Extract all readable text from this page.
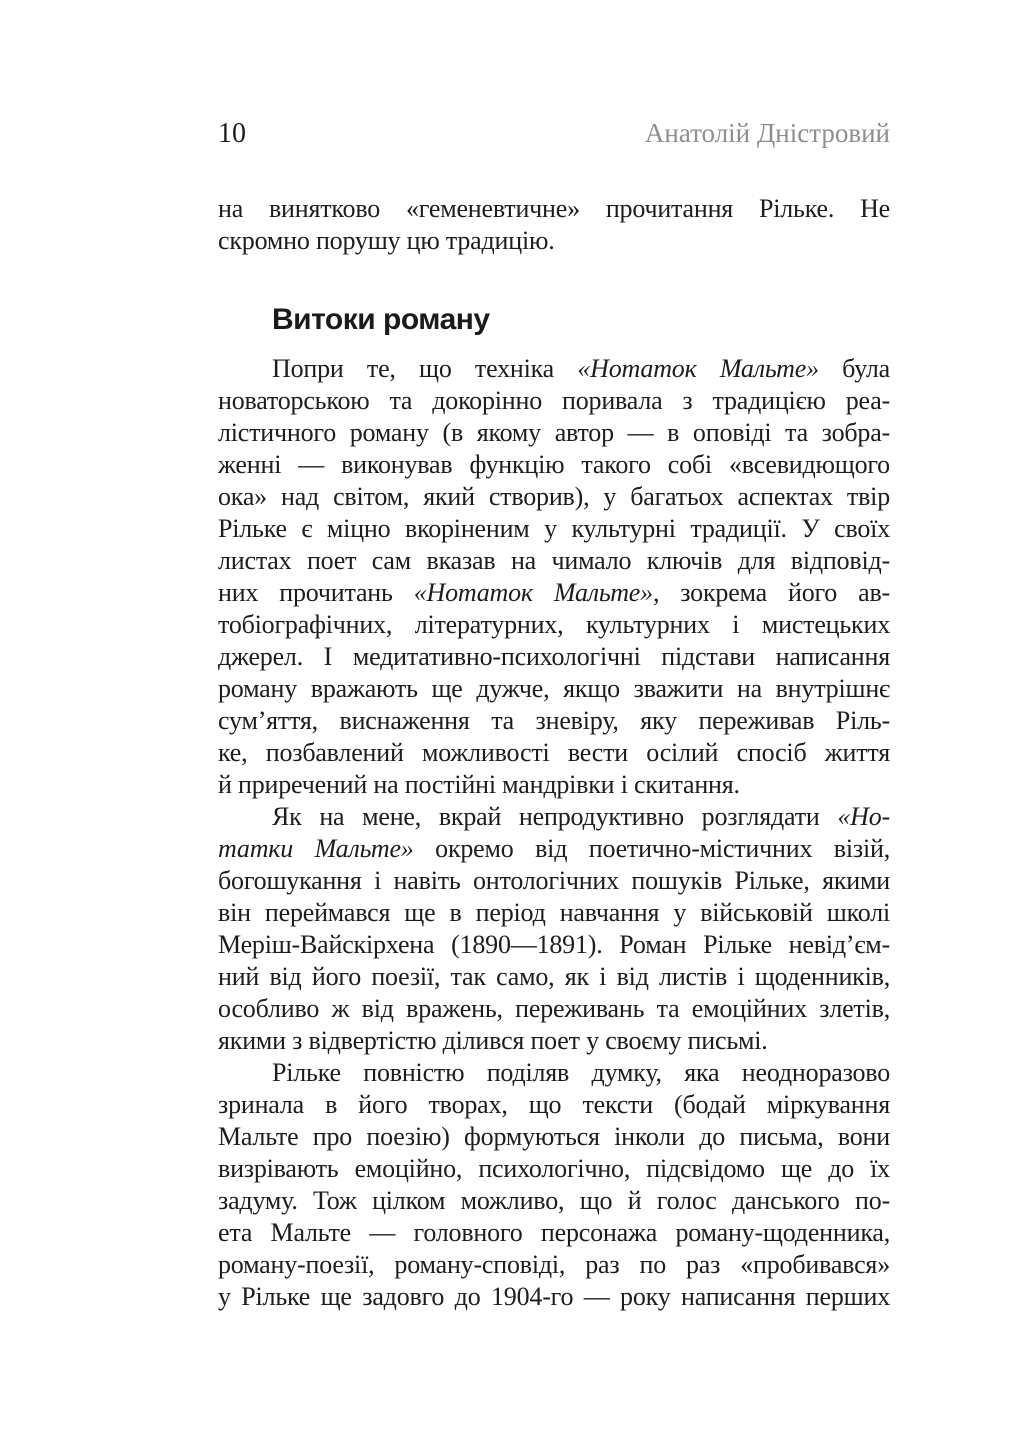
10	Анатолій Дністровий
на винятково «геменевтичне» прочитання Рільке. Не
скромно порушу цю традицію.
Витоки роману
Попри те, що техніка «Нотаток Мальте» була
новаторською та докорінно поривала з традицією реа-
лістичного роману (в якому автор — в оповіді та зобра-
женні — виконував функцію такого собі «всевидющого
ока» над світом, який створив), у багатьох аспектах твір
Рільке є міцно вкоріненим у культурні традиції. У своїх
листах поет сам вказав на чимало ключів для відповід-
них прочитань «Нотаток Мальте», зокрема його ав-
тобіографічних, літературних, культурних і мистецьких
джерел. І медитативно-психологічні підстави написання
роману вражають ще дужче, якщо зважити на внутрішнє
сум’яття, виснаження та зневіру, яку переживав Ріль-
ке, позбавлений можливості вести осілий спосіб життя
й приречений на постійні мандрівки і скитання.
Як на мене, вкрай непродуктивно розглядати «Но-
татки Мальте» окремо від поетично-містичних візій,
богошукання і навіть онтологічних пошуків Рільке, якими
він переймався ще в період навчання у військовій школі
Меріш-Вайскірхена (1890—1891). Роман Рільке невід’єм-
ний від його поезії, так само, як і від листів і щоденників,
особливо ж від вражень, переживань та емоційних злетів,
якими з відвертістю ділився поет у своєму письмі.
Рільке повністю поділяв думку, яка неодноразово
зринала в його творах, що тексти (бодай міркування
Мальте про поезію) формуються інколи до письма, вони
визрівають емоційно, психологічно, підсвідомо ще до їх
задуму. Тож цілком можливо, що й голос данського по-
ета Мальте — головного персонажа роману-щоденника,
роману-поезії, роману-сповіді, раз по раз «пробивався»
у Рільке ще задовго до 1904-го — року написання перших
